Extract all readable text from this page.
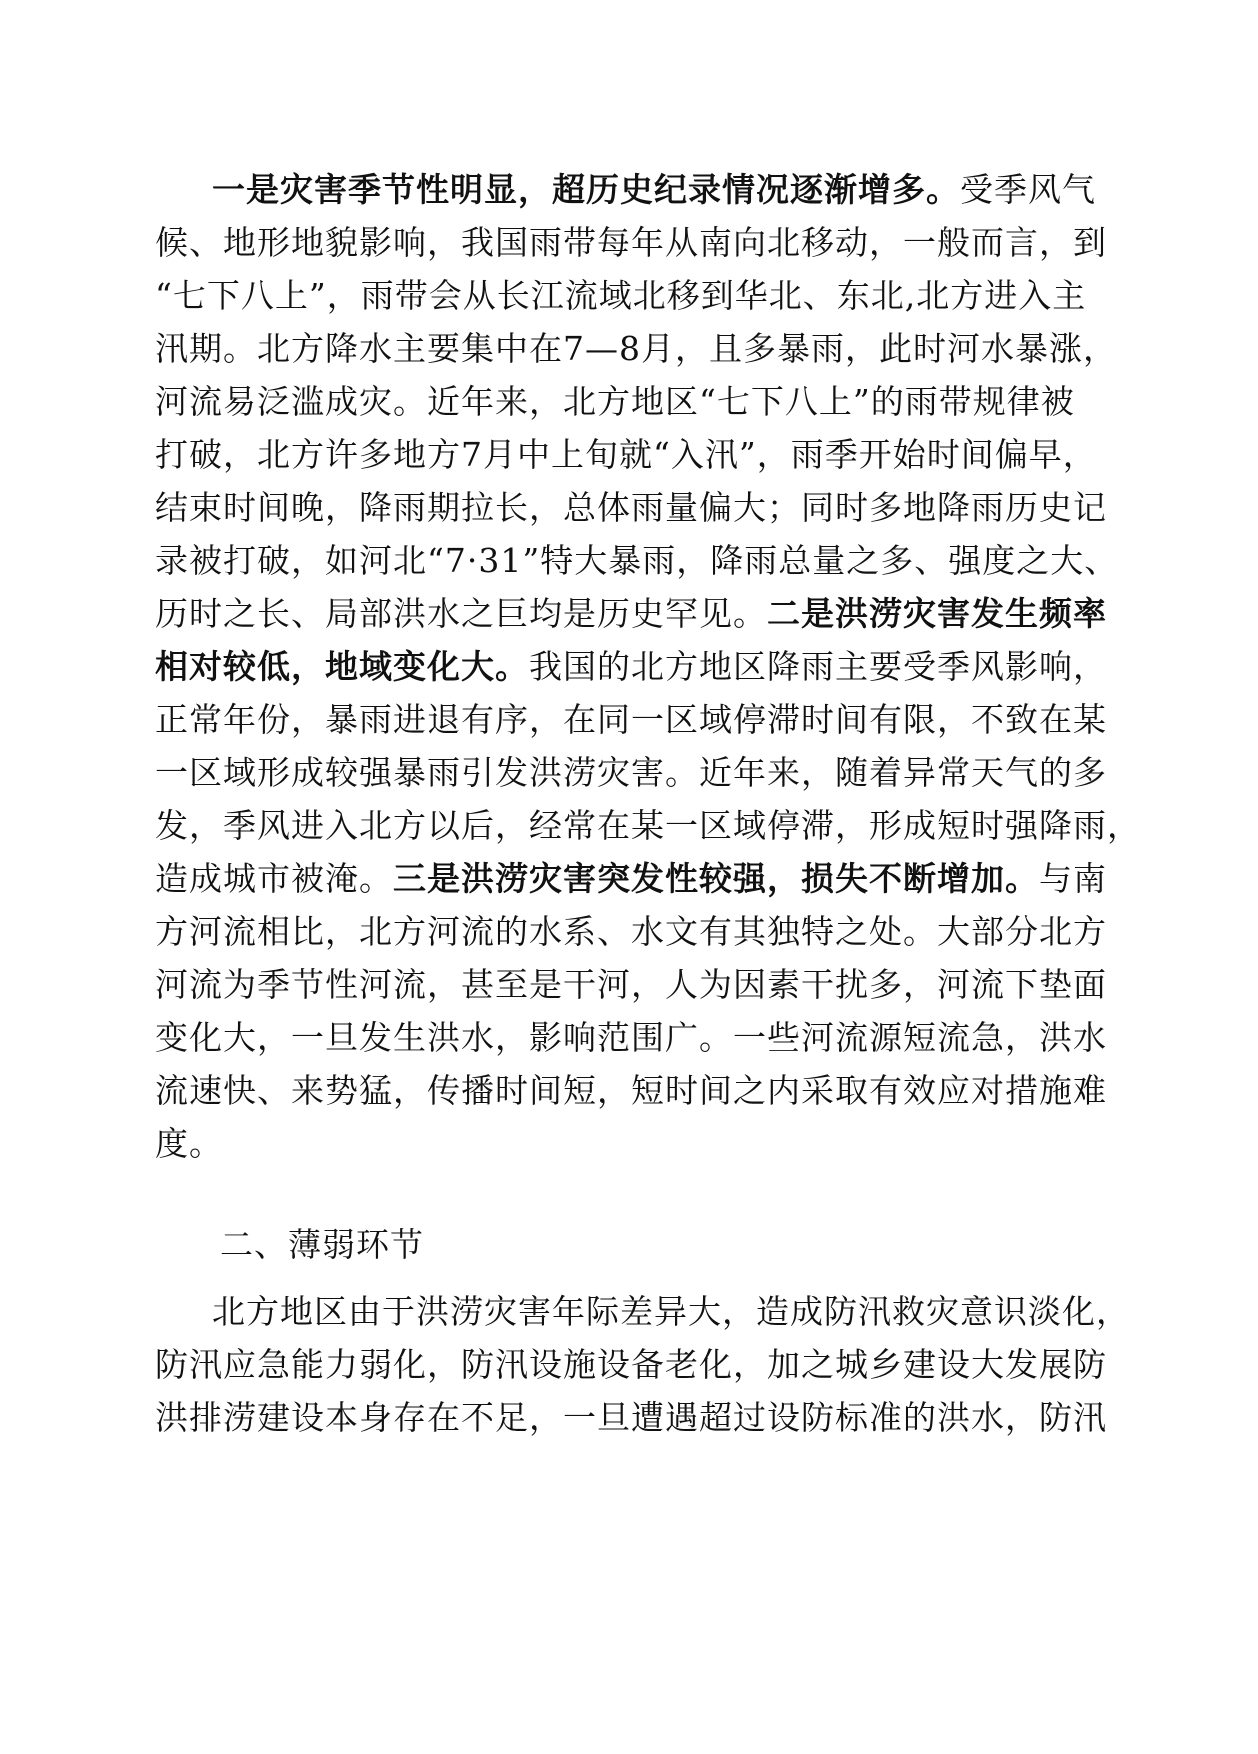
一是灾害季节性明显，超历史纪录情况逐渐增多。受季风气
候、地形地貌影响，我国雨带每年从南向北移动，一般而言，到
“七下八上”，雨带会从长江流域北移到华北、东北,北方进入主
汛期。北方降水主要集中在7—8月，且多暴雨，此时河水暴涨，
河流易泛滥成灾。近年来，北方地区“七下八上”的雨带规律被
打破，北方许多地方7月中上旬就“入汛”，雨季开始时间偏早，
结束时间晚，降雨期拉长，总体雨量偏大；同时多地降雨历史记
录被打破，如河北“7·31”特大暴雨，降雨总量之多、强度之大、
历时之长、局部洪水之巨均是历史罕见。二是洪涝灾害发生频率
相对较低，地域变化大。我国的北方地区降雨主要受季风影响，
正常年份，暴雨进退有序，在同一区域停滞时间有限，不致在某
一区域形成较强暴雨引发洪涝灾害。近年来，随着异常天气的多
发，季风进入北方以后，经常在某一区域停滞，形成短时强降雨，
造成城市被淹。三是洪涝灾害突发性较强，损失不断增加。与南
方河流相比，北方河流的水系、水文有其独特之处。大部分北方
河流为季节性河流，甚至是干河，人为因素干扰多，河流下垫面
变化大，一旦发生洪水，影响范围广。一些河流源短流急，洪水
流速快、来势猛，传播时间短，短时间之内采取有效应对措施难
度。
二、薄弱环节
北方地区由于洪涝灾害年际差异大，造成防汛救灾意识淡化，
防汛应急能力弱化，防汛设施设备老化，加之城乡建设大发展防
洪排涝建设本身存在不足，一旦遭遇超过设防标准的洪水，防汛
